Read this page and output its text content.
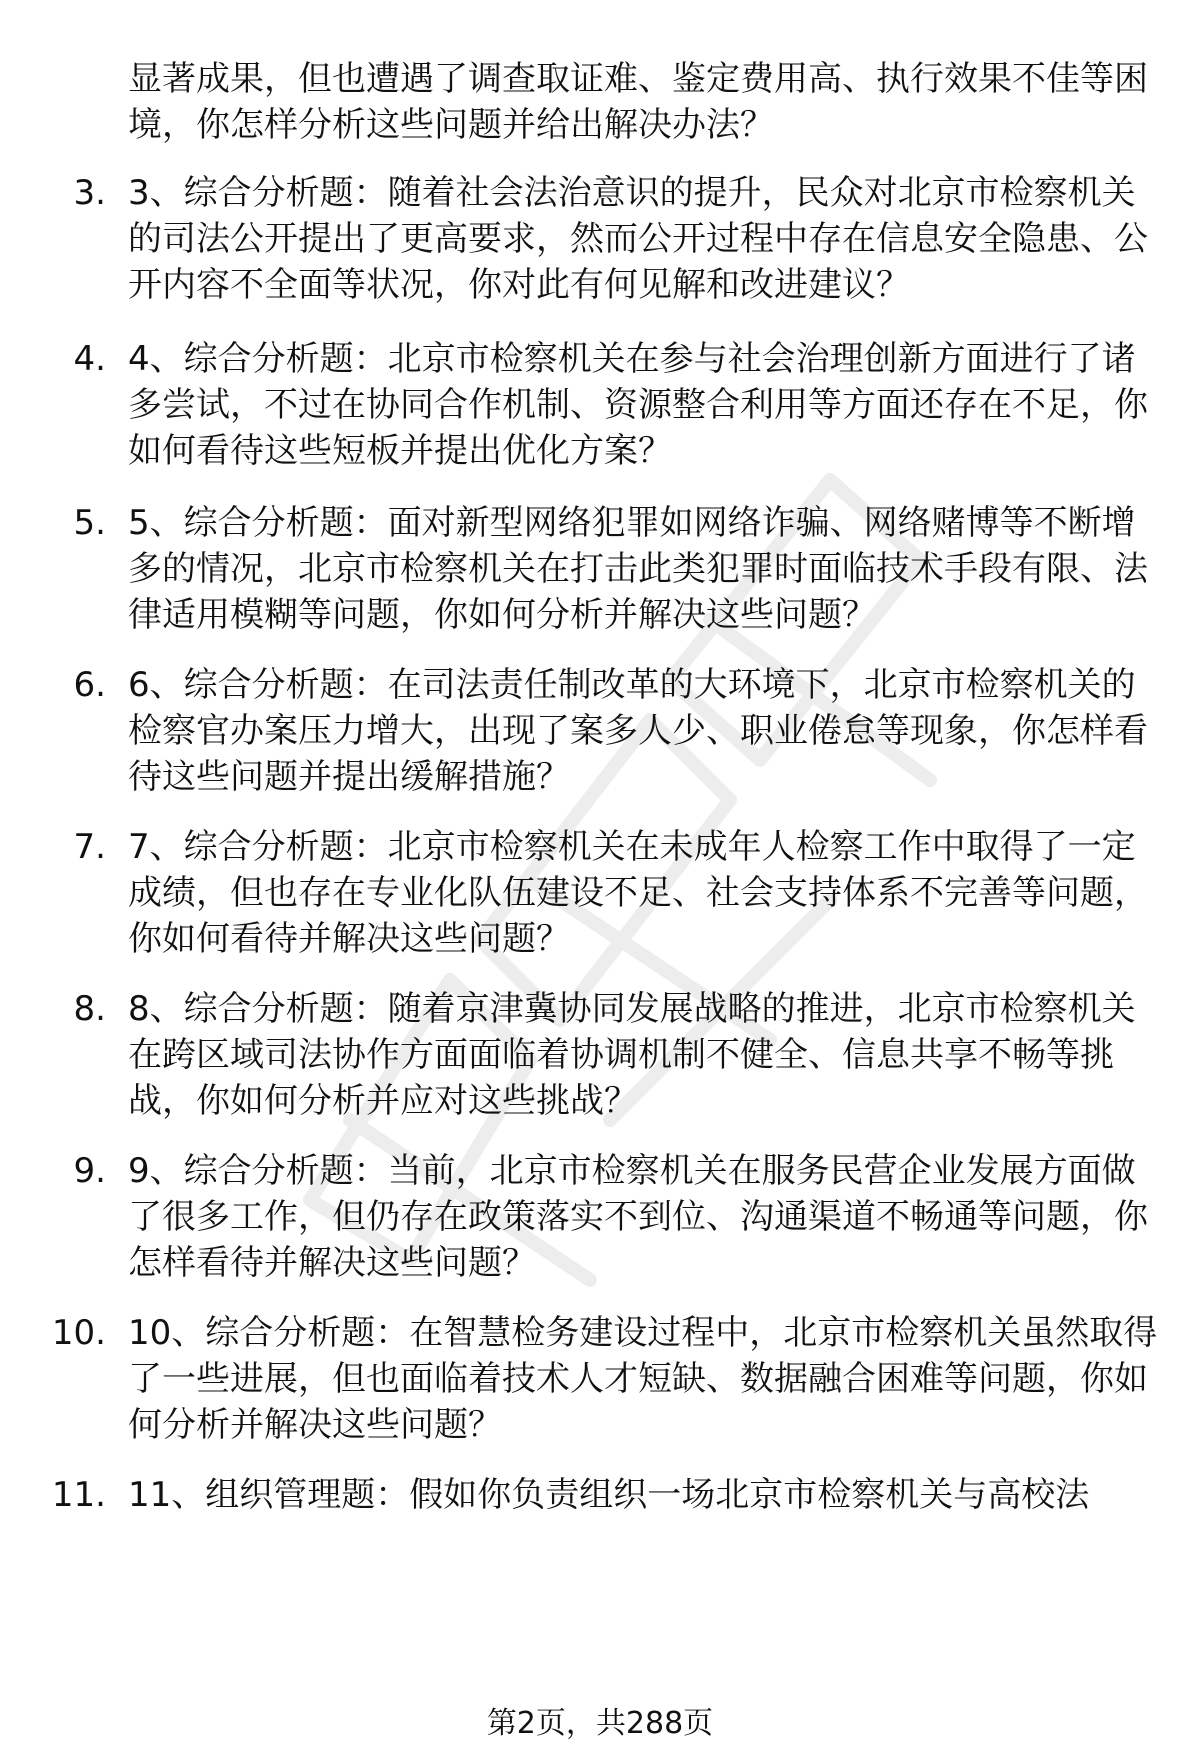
显著成果，但也遭遇了调查取证难、鉴定费用高、执行效果不佳等困境，你怎样分析这些问题并给出解决办法？
3. 3、综合分析题：随着社会法治意识的提升，民众对北京市检察机关的司法公开提出了更高要求，然而公开过程中存在信息安全隐患、公开内容不全面等状况，你对此有何见解和改进建议？
4. 4、综合分析题：北京市检察机关在参与社会治理创新方面进行了诸多尝试，不过在协同合作机制、资源整合利用等方面还存在不足，你如何看待这些短板并提出优化方案？
5. 5、综合分析题：面对新型网络犯罪如网络诈骗、网络赌博等不断增多的情况，北京市检察机关在打击此类犯罪时面临技术手段有限、法律适用模糊等问题，你如何分析并解决这些问题？
6. 6、综合分析题：在司法责任制改革的大环境下，北京市检察机关的检察官办案压力增大，出现了案多人少、职业倦怠等现象，你怎样看待这些问题并提出缓解措施？
7. 7、综合分析题：北京市检察机关在未成年人检察工作中取得了一定成绩，但也存在专业化队伍建设不足、社会支持体系不完善等问题，你如何看待并解决这些问题？
8. 8、综合分析题：随着京津冀协同发展战略的推进，北京市检察机关在跨区域司法协作方面面临着协调机制不健全、信息共享不畅等挑战，你如何分析并应对这些挑战？
9. 9、综合分析题：当前，北京市检察机关在服务民营企业发展方面做了很多工作，但仍存在政策落实不到位、沟通渠道不畅通等问题，你怎样看待并解决这些问题？
10. 10、综合分析题：在智慧检务建设过程中，北京市检察机关虽然取得了一些进展，但也面临着技术人才短缺、数据融合困难等问题，你如何分析并解决这些问题？
11. 11、组织管理题：假如你负责组织一场北京市检察机关与高校法
第2页，共288页
